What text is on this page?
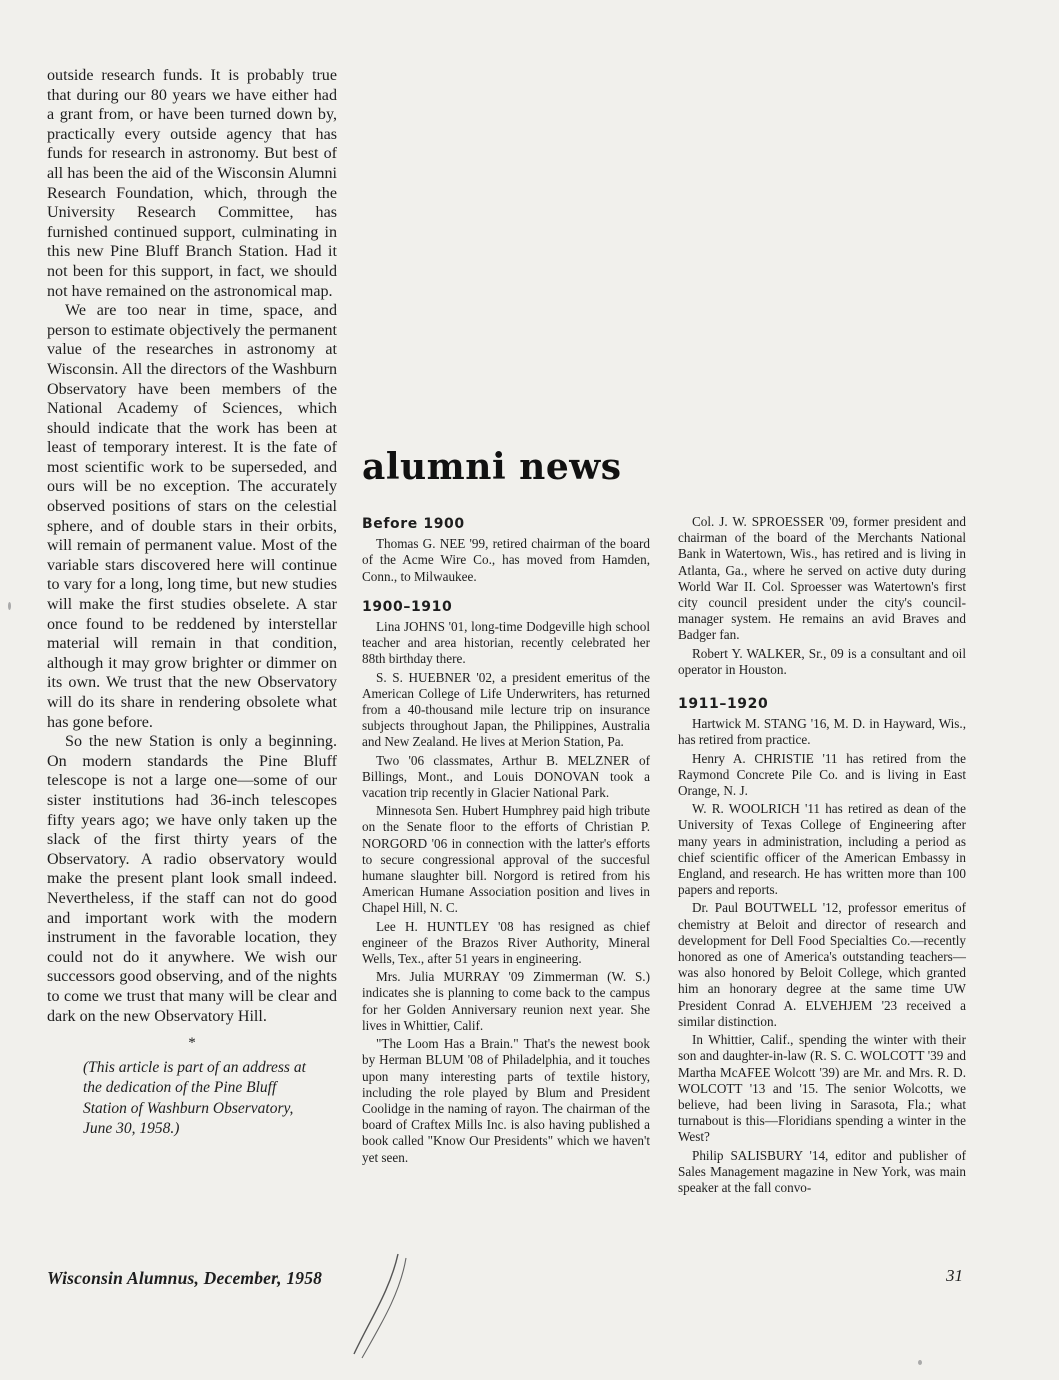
outside research funds. It is probably true that during our 80 years we have either had a grant from, or have been turned down by, practically every outside agency that has funds for research in astronomy. But best of all has been the aid of the Wisconsin Alumni Research Foundation, which, through the University Research Committee, has furnished continued support, culminating in this new Pine Bluff Branch Station. Had it not been for this support, in fact, we should not have remained on the astronomical map.

We are too near in time, space, and person to estimate objectively the permanent value of the researches in astronomy at Wisconsin. All the directors of the Washburn Observatory have been members of the National Academy of Sciences, which should indicate that the work has been at least of temporary interest. It is the fate of most scientific work to be superseded, and ours will be no exception. The accurately observed positions of stars on the celestial sphere, and of double stars in their orbits, will remain of permanent value. Most of the variable stars discovered here will continue to vary for a long, long time, but new studies will make the first studies obselete. A star once found to be reddened by interstellar material will remain in that condition, although it may grow brighter or dimmer on its own. We trust that the new Observatory will do its share in rendering obsolete what has gone before.

So the new Station is only a beginning. On modern standards the Pine Bluff telescope is not a large one—some of our sister institutions had 36-inch telescopes fifty years ago; we have only taken up the slack of the first thirty years of the Observatory. A radio observatory would make the present plant look small indeed. Nevertheless, if the staff can not do good and important work with the modern instrument in the favorable location, they could not do it anywhere. We wish our successors good observing, and of the nights to come we trust that many will be clear and dark on the new Observatory Hill.

*
(This article is part of an address at the dedication of the Pine Bluff Station of Washburn Observatory, June 30, 1958.)
Wisconsin Alumnus, December, 1958	31
alumni news
Before 1900

Thomas G. NEE '99, retired chairman of the board of the Acme Wire Co., has moved from Hamden, Conn., to Milwaukee.

1900–1910

Lina JOHNS '01, long-time Dodgeville high school teacher and area historian, recently celebrated her 88th birthday there.

S. S. HUEBNER '02, a president emeritus of the American College of Life Underwriters, has returned from a 40-thousand mile lecture trip on insurance subjects throughout Japan, the Philippines, Australia and New Zealand. He lives at Merion Station, Pa.

Two '06 classmates, Arthur B. MELZNER of Billings, Mont., and Louis DONOVAN took a vacation trip recently in Glacier National Park.

Minnesota Sen. Hubert Humphrey paid high tribute on the Senate floor to the efforts of Christian P. NORGORD '06 in connection with the latter's efforts to secure congressional approval of the succesful humane slaughter bill. Norgord is retired from his American Humane Association position and lives in Chapel Hill, N. C.

Lee H. HUNTLEY '08 has resigned as chief engineer of the Brazos River Authority, Mineral Wells, Tex., after 51 years in engineering.

Mrs. Julia MURRAY '09 Zimmerman (W. S.) indicates she is planning to come back to the campus for her Golden Anniversary reunion next year. She lives in Whittier, Calif.

"The Loom Has a Brain." That's the newest book by Herman BLUM '08 of Philadelphia, and it touches upon many interesting parts of textile history, including the role played by Blum and President Coolidge in the naming of rayon. The chairman of the board of Craftex Mills Inc. is also having published a book called "Know Our Presidents" which we haven't yet seen.

Col. J. W. SPROESSER '09, former president and chairman of the board of the Merchants National Bank in Watertown, Wis., has retired and is living in Atlanta, Ga., where he served on active duty during World War II. Col. Sproesser was Watertown's first city council president under the city's council-manager system. He remains an avid Braves and Badger fan.

Robert Y. WALKER, Sr., 09 is a consultant and oil operator in Houston.

1911–1920

Hartwick M. STANG '16, M. D. in Hayward, Wis., has retired from practice.

Henry A. CHRISTIE '11 has retired from the Raymond Concrete Pile Co. and is living in East Orange, N. J.

W. R. WOOLRICH '11 has retired as dean of the University of Texas College of Engineering after many years in administration, including a period as chief scientific officer of the American Embassy in England, and research. He has written more than 100 papers and reports.

Dr. Paul BOUTWELL '12, professor emeritus of chemistry at Beloit and director of research and development for Dell Food Specialties Co.—recently honored as one of America's outstanding teachers—was also honored by Beloit College, which granted him an honorary degree at the same time UW President Conrad A. ELVEHJEM '23 received a similar distinction.

In Whittier, Calif., spending the winter with their son and daughter-in-law (R. S. C. WOLCOTT '39 and Martha McAFEE Wolcott '39) are Mr. and Mrs. R. D. WOLCOTT '13 and '15. The senior Wolcotts, we believe, had been living in Sarasota, Fla.; what turnabout is this—Floridians spending a winter in the West?

Philip SALISBURY '14, editor and publisher of Sales Management magazine in New York, was main speaker at the fall convo-
